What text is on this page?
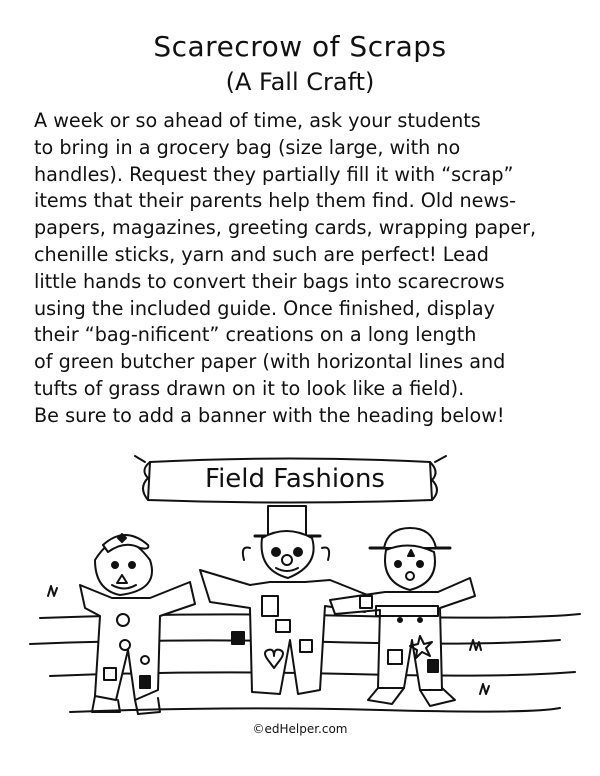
Scarecrow of Scraps
(A Fall Craft)
A week or so ahead of time, ask your students
to bring in a grocery bag (size large, with no
handles). Request they partially fill it with “scrap”
items that their parents help them find. Old news-
papers, magazines, greeting cards, wrapping paper,
chenille sticks, yarn and such are perfect! Lead
little hands to convert their bags into scarecrows
using the included guide. Once finished, display
their “bag-nificent” creations on a long length
of green butcher paper (with horizontal lines and
tufts of grass drawn on it to look like a field).
Be sure to add a banner with the heading below!
Field Fashions
©edHelper.com
